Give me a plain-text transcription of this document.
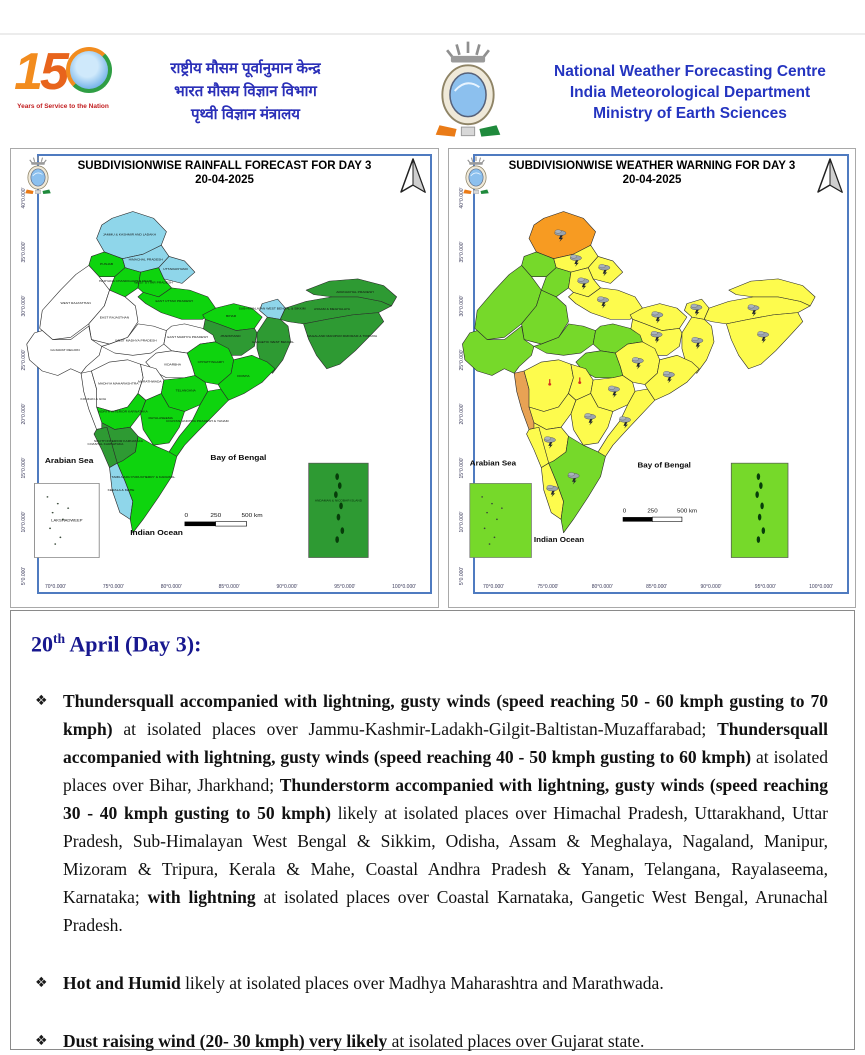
15
Years of Service to the Nation
राष्ट्रीय मौसम पूर्वानुमान केन्द्र
भारत मौसम विज्ञान विभाग
पृथ्वी विज्ञान मंत्रालय
National Weather Forecasting Centre
India Meteorological Department
Ministry of Earth Sciences
SUBDIVISIONWISE RAINFALL FORECAST FOR DAY 3
20-04-2025
LAKSHADWEEP
ANDAMAN & NICOBAR ISLAND
Arabian Sea	Bay of Bengal
Indian Ocean
0	250	500 km
JAMMU & KASHMIR AND LADAKH
HIMACHAL PRADESH
UTTARAKHAND
PUNJAB
HARYANA CHANDIGARH & DELHI
WEST RAJASTHAN
EAST RAJASTHAN
WEST UTTAR PRADESH
EAST UTTAR PRADESH
BIHAR
SUB-HIMALAYAN WEST BENGAL & SIKKIM
GANGETIC WEST BENGAL
JHARKHAND
ASSAM & MEGHALAYA
ARUNACHAL PRADESH
NAGALAND MANIPUR MIZORAM & TRIPURA
GUJARAT REGION
WEST MADHYA PRADESH
EAST MADHYA PRADESH
CHHATTISGARH
ODISHA
VIDARBHA
KONKAN & GOA
MADHYA MAHARASHTRA MARATHWADA
TELANGANA
COASTAL ANDHRA PRADESH & YANAM
RAYALASEEMA
NORTH INTERIOR KARNATAKA
SOUTH INTERIOR KARNATAKA
COASTAL KARNATAKA
KERALA & MAHE
TAMILNADU PUDUCHERRY & KARAIKAL
40°0.000'
35°0.000'
30°0.000'
25°0.000'
20°0.000'
15°0.000'
10°0.000'
5°0.000'
70°0.000'	75°0.000'	80°0.000'	85°0.000'	90°0.000'	95°0.000'	100°0.000'
SUBDIVISIONWISE WEATHER WARNING FOR DAY 3
20-04-2025
Arabian Sea	Bay of Bengal
Indian Ocean
0	250	500 km
40°0.000'
35°0.000'
30°0.000'
25°0.000'
20°0.000'
15°0.000'
10°0.000'
5°0.000'
70°0.000'	75°0.000'	80°0.000'	85°0.000'	90°0.000'	95°0.000'	100°0.000'
20th April (Day 3):
❖ Thundersquall accompanied with lightning, gusty winds (speed reaching 50 - 60 kmph gusting to 70 kmph) at isolated places over Jammu-Kashmir-Ladakh-Gilgit-Baltistan-Muzaffarabad; Thundersquall accompanied with lightning, gusty winds (speed reaching 40 - 50 kmph gusting to 60 kmph) at isolated places over Bihar, Jharkhand; Thunderstorm accompanied with lightning, gusty winds (speed reaching 30 - 40 kmph gusting to 50 kmph) likely at isolated places over Himachal Pradesh, Uttarakhand, Uttar Pradesh, Sub-Himalayan West Bengal & Sikkim, Odisha, Assam & Meghalaya, Nagaland, Manipur, Mizoram & Tripura, Kerala & Mahe, Coastal Andhra Pradesh & Yanam, Telangana, Rayalaseema, Karnataka; with lightning at isolated places over Coastal Karnataka, Gangetic West Bengal, Arunachal Pradesh.
❖ Hot and Humid likely at isolated places over Madhya Maharashtra and Marathwada.
❖ Dust raising wind (20- 30 kmph) very likely at isolated places over Gujarat state.
